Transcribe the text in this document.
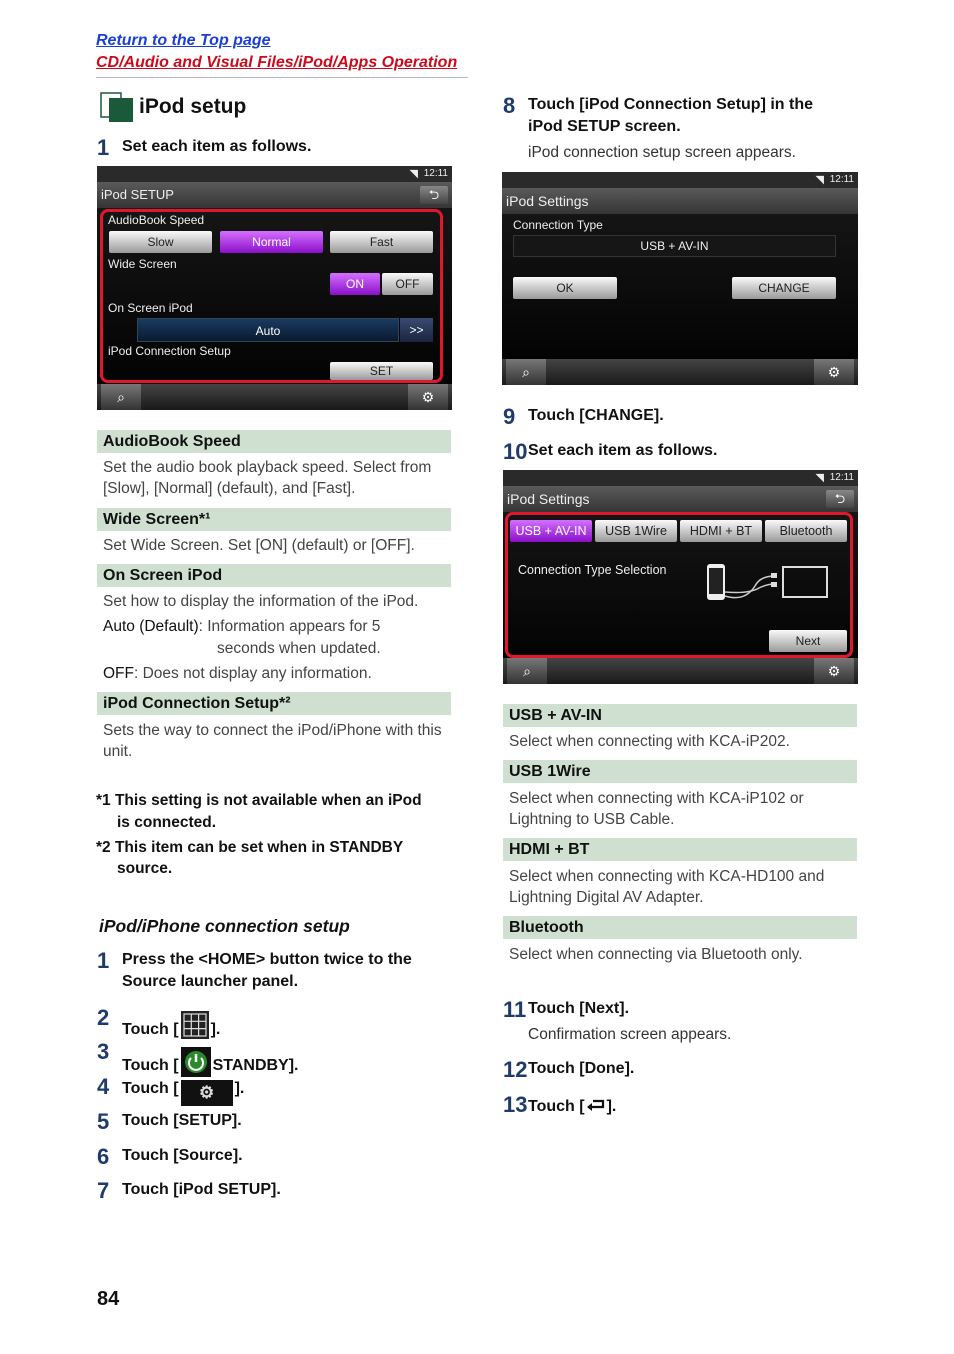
Return to the Top page
CD/Audio and Visual Files/iPod/Apps Operation
iPod setup
1 Set each item as follows.
◥ 12:11
iPod SETUP	⮌
AudioBook Speed
Slow	Normal	Fast
Wide Screen
ON	OFF
On Screen iPod
Auto	>>
iPod Connection Setup
SET
⌕	⚙
AudioBook Speed
Set the audio book playback speed. Select from [Slow], [Normal] (default), and [Fast].
Wide Screen*¹
Set Wide Screen. Set [ON] (default) or [OFF].
On Screen iPod
Set how to display the information of the iPod.
Auto (Default): Information appears for 5
seconds when updated.
OFF: Does not display any information.
iPod Connection Setup*²
Sets the way to connect the iPod/iPhone with this unit.
*1 This setting is not available when an iPod
is connected.
*2 This item can be set when in STANDBY
source.
iPod/iPhone connection setup
1 Press the <HOME> button twice to the
Source launcher panel.
2 Touch [ ].
3
Touch [ STANDBY].
4 Touch [ ⚙ ].
5 Touch [SETUP].
6 Touch [Source].
7 Touch [iPod SETUP].
84
8 Touch [iPod Connection Setup] in the
iPod SETUP screen.
iPod connection setup screen appears.
◥ 12:11
iPod Settings
Connection Type
USB + AV-IN
OK	CHANGE
⌕	⚙
9 Touch [CHANGE].
10 Set each item as follows.
◥ 12:11
iPod Settings	⮌
USB + AV-IN	USB 1Wire	HDMI + BT	Bluetooth
Connection Type Selection
Next
⌕	⚙
USB + AV-IN
Select when connecting with KCA-iP202.
USB 1Wire
Select when connecting with KCA-iP102 or
Lightning to USB Cable.
HDMI + BT
Select when connecting with KCA-HD100 and
Lightning Digital AV Adapter.
Bluetooth
Select when connecting via Bluetooth only.
11 Touch [Next].
Confirmation screen appears.
12 Touch [Done].
13 Touch [ ].
